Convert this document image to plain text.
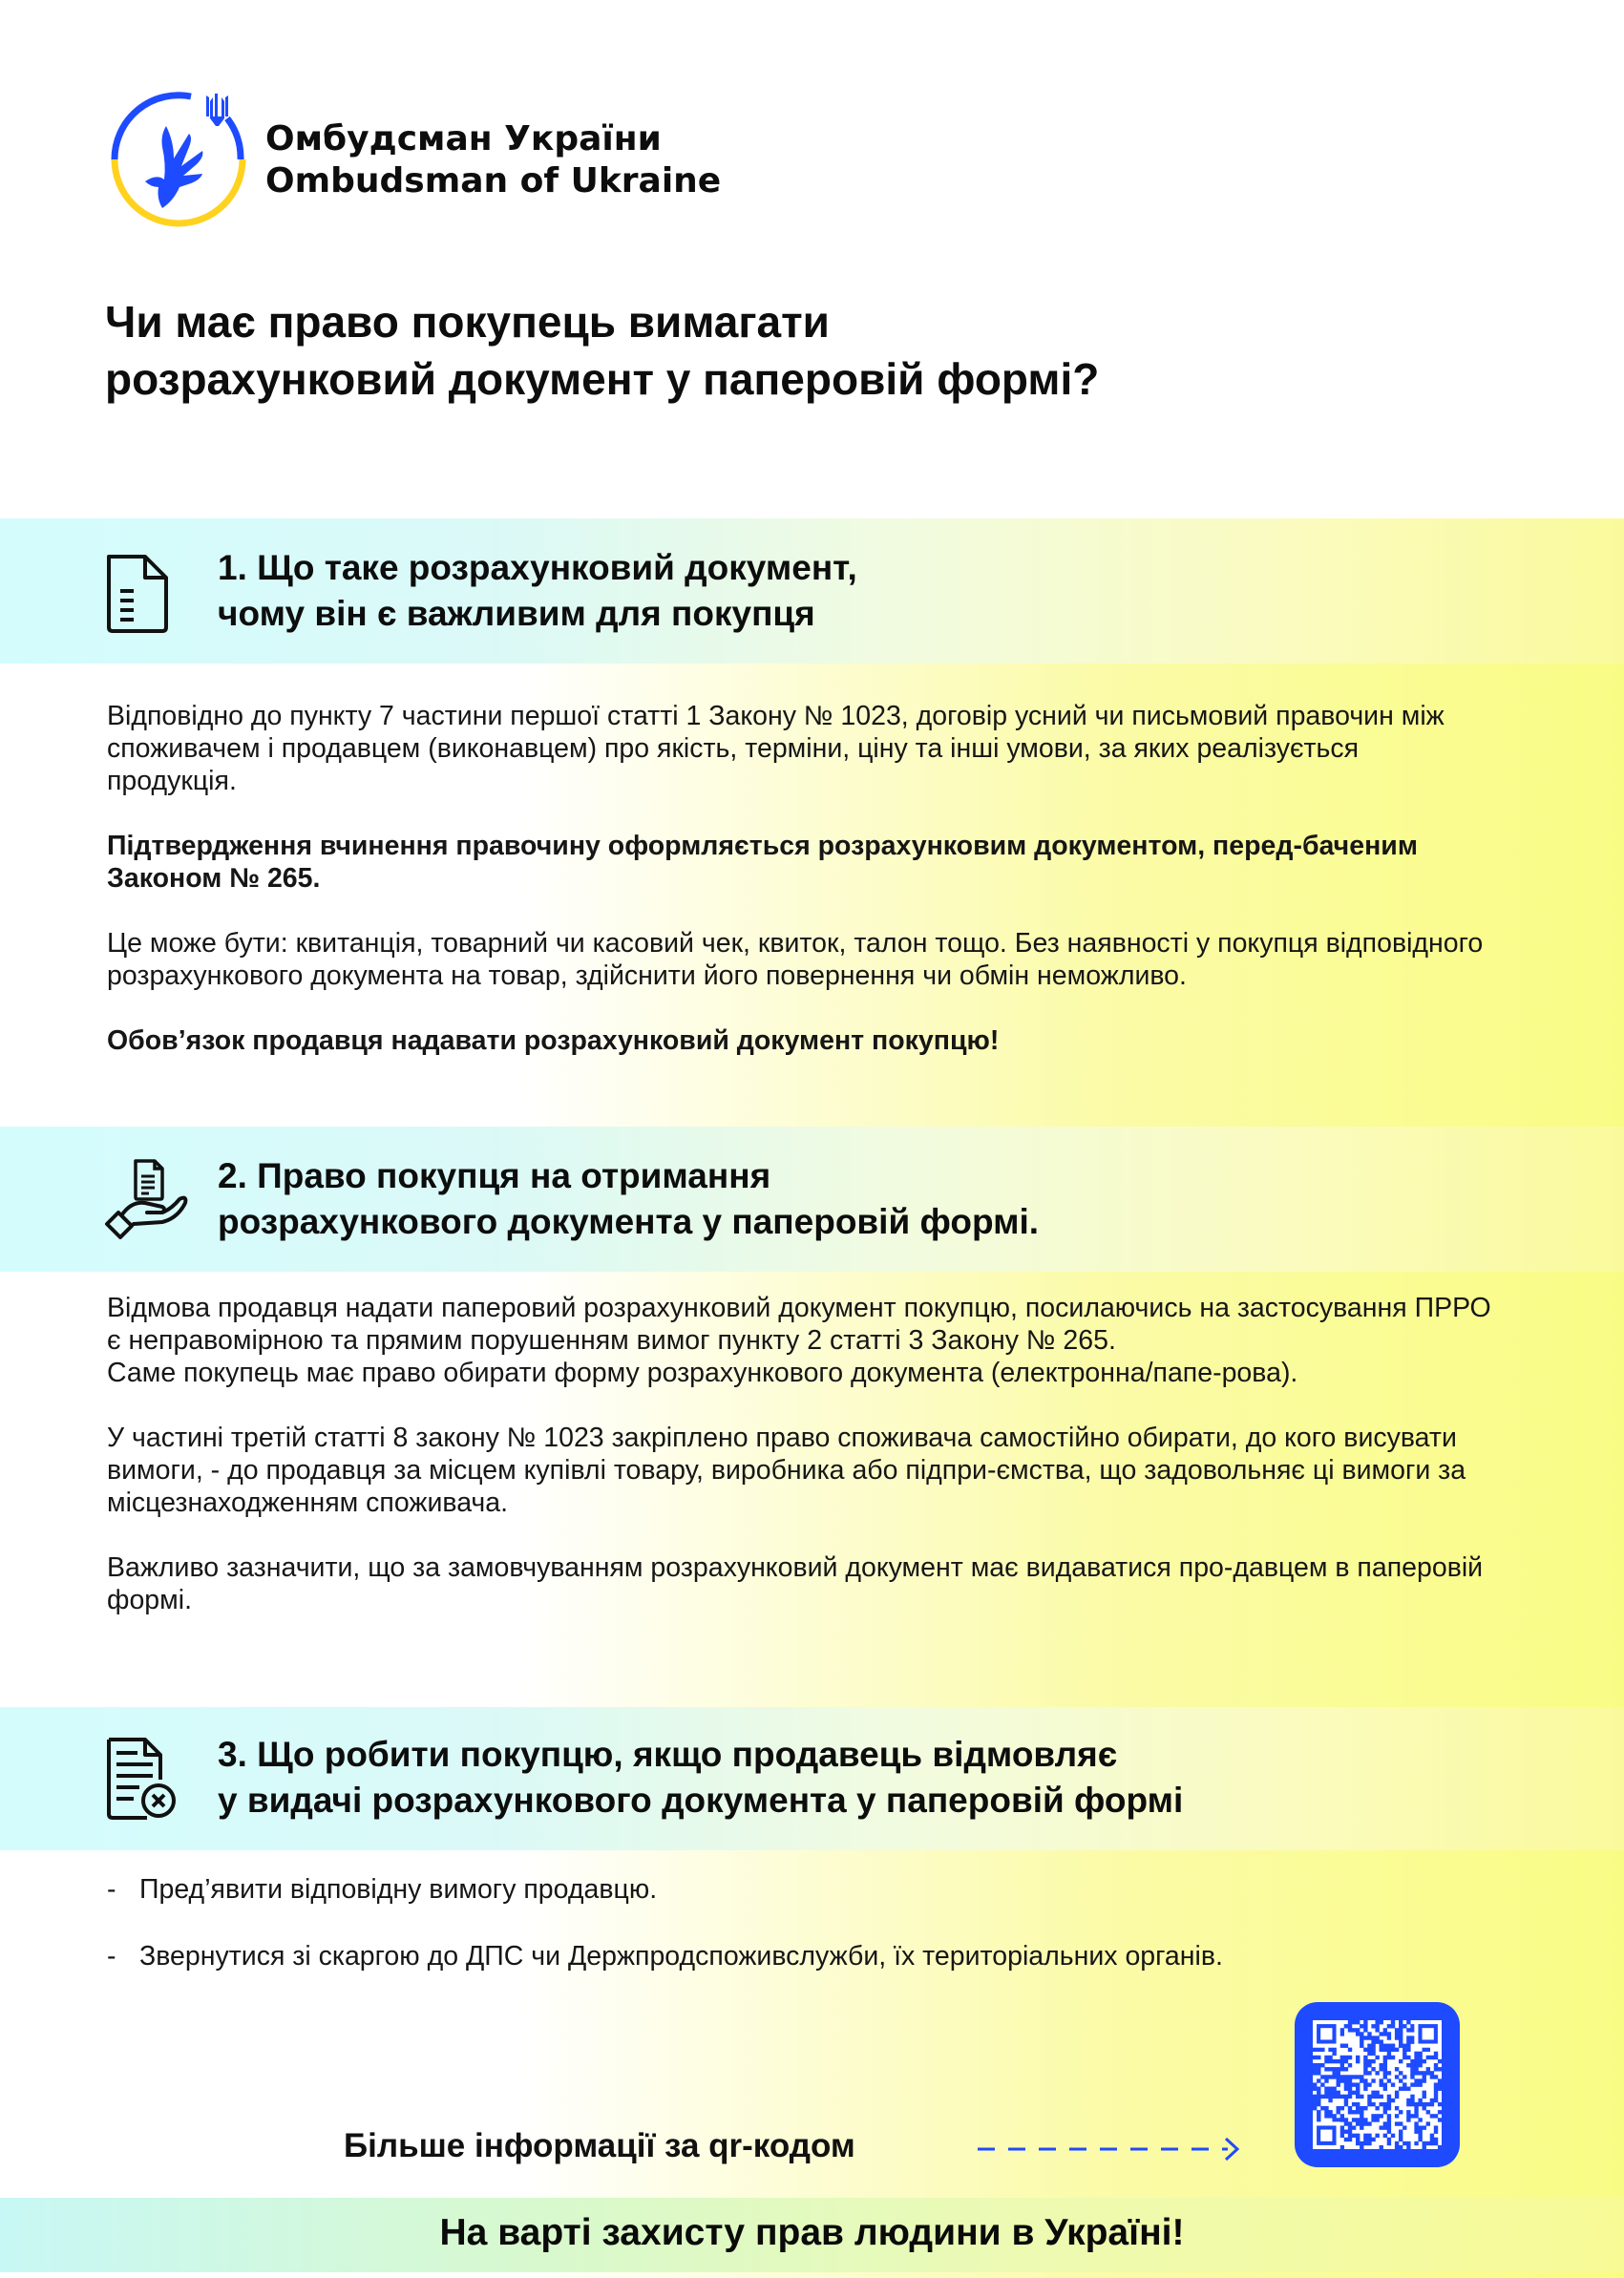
Омбудсман України
Ombudsman of Ukraine
Чи має право покупець вимагати
розрахунковий документ у паперовій формі?
1. Що таке розрахунковий документ,
чому він є важливим для покупця

Відповідно до пункту 7 частини першої статті 1 Закону № 1023, договір усний чи письмовий правочин між споживачем і продавцем (виконавцем) про якість, терміни, ціну та інші умови, за яких реалізується продукція.

Підтвердження вчинення правочину оформляється розрахунковим документом, перед-баченим Законом № 265.

Це може бути: квитанція, товарний чи касовий чек, квиток, талон тощо. Без наявності у покупця відповідного розрахункового документа на товар, здійснити його повернення чи обмін неможливо.

Обов’язок продавця надавати розрахунковий документ покупцю!

2. Право покупця на отримання
розрахункового документа у паперовій формі.

Відмова продавця надати паперовий розрахунковий документ покупцю, посилаючись на застосування ПРРО є неправомірною та прямим порушенням вимог пункту 2 статті 3 Закону № 265.

Саме покупець має право обирати форму розрахункового документа (електронна/папе-рова).

У частині третій статті 8 закону № 1023 закріплено право споживача самостійно обирати, до кого висувати вимоги, - до продавця за місцем купівлі товару, виробника або підпри-ємства, що задовольняє ці вимоги за місцезнаходженням споживача.

Важливо зазначити, що за замовчуванням розрахунковий документ має видаватися про-давцем в паперовій формі.

3. Що робити покупцю, якщо продавець відмовляє
у видачі розрахункового документа у паперовій формі
- Пред’явити відповідну вимогу продавцю.
- Звернутися зі скаргою до ДПС чи Держпродспоживслужби, їх територіальних органів.
Більше інформації за qr-кодом
На варті захисту прав людини в Україні!
